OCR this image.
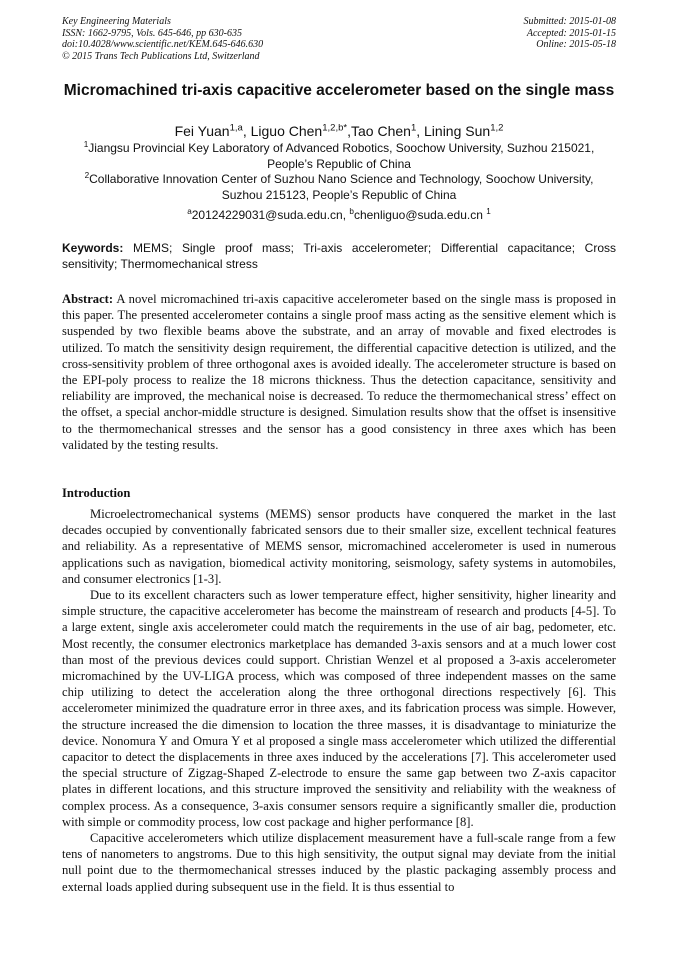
Key Engineering Materials
ISSN: 1662-9795, Vols. 645-646, pp 630-635
doi:10.4028/www.scientific.net/KEM.645-646.630
© 2015 Trans Tech Publications Ltd, Switzerland
Submitted: 2015-01-08
Accepted: 2015-01-15
Online: 2015-05-18
Micromachined tri-axis capacitive accelerometer based on the single mass
Fei Yuan$^{1,a}$, Liguo Chen$^{1,2,b*}$,Tao Chen$^1$, Lining Sun$^{1,2}$
$^1$Jiangsu Provincial Key Laboratory of Advanced Robotics, Soochow University, Suzhou 215021,
People’s Republic of China
$^2$Collaborative Innovation Center of Suzhou Nano Science and Technology, Soochow University,
Suzhou 215123, People’s Republic of China
$^a$20124229031@suda.edu.cn, $^b$chenliguo@suda.edu.cn $^1$
Keywords: MEMS; Single proof mass; Tri-axis accelerometer; Differential capacitance; Cross sensitivity; Thermomechanical stress
Abstract: A novel micromachined tri-axis capacitive accelerometer based on the single mass is proposed in this paper. The presented accelerometer contains a single proof mass acting as the sensitive element which is suspended by two flexible beams above the substrate, and an array of movable and fixed electrodes is utilized. To match the sensitivity design requirement, the differential capacitive detection is utilized, and the cross-sensitivity problem of three orthogonal axes is avoided ideally. The accelerometer structure is based on the EPI-poly process to realize the 18 microns thickness. Thus the detection capacitance, sensitivity and reliability are improved, the mechanical noise is decreased. To reduce the thermomechanical stress’ effect on the offset, a special anchor-middle structure is designed. Simulation results show that the offset is insensitive to the thermomechanical stresses and the sensor has a good consistency in three axes which has been validated by the testing results.
Introduction

Microelectromechanical systems (MEMS) sensor products have conquered the market in the last decades occupied by conventionally fabricated sensors due to their smaller size, excellent technical features and reliability. As a representative of MEMS sensor, micromachined accelerometer is used in numerous applications such as navigation, biomedical activity monitoring, seismology, safety systems in automobiles, and consumer electronics [1-3].

Due to its excellent characters such as lower temperature effect, higher sensitivity, higher linearity and simple structure, the capacitive accelerometer has become the mainstream of research and products [4-5]. To a large extent, single axis accelerometer could match the requirements in the use of air bag, pedometer, etc. Most recently, the consumer electronics marketplace has demanded 3-axis sensors and at a much lower cost than most of the previous devices could support. Christian Wenzel et al proposed a 3-axis accelerometer micromachined by the UV-LIGA process, which was composed of three independent masses on the same chip utilizing to detect the acceleration along the three orthogonal directions respectively [6]. This accelerometer minimized the quadrature error in three axes, and its fabrication process was simple. However, the structure increased the die dimension to location the three masses, it is disadvantage to miniaturize the device. Nonomura Y and Omura Y et al proposed a single mass accelerometer which utilized the differential capacitor to detect the displacements in three axes induced by the accelerations [7]. This accelerometer used the special structure of Zigzag-Shaped Z-electrode to ensure the same gap between two Z-axis capacitor plates in different locations, and this structure improved the sensitivity and reliability with the weakness of complex process. As a consequence, 3-axis consumer sensors require a significantly smaller die, production with simple or commodity process, low cost package and higher performance [8].

Capacitive accelerometers which utilize displacement measurement have a full-scale range from a few tens of nanometers to angstroms. Due to this high sensitivity, the output signal may deviate from the initial null point due to the thermomechanical stresses induced by the plastic packaging assembly process and external loads applied during subsequent use in the field. It is thus essential to
